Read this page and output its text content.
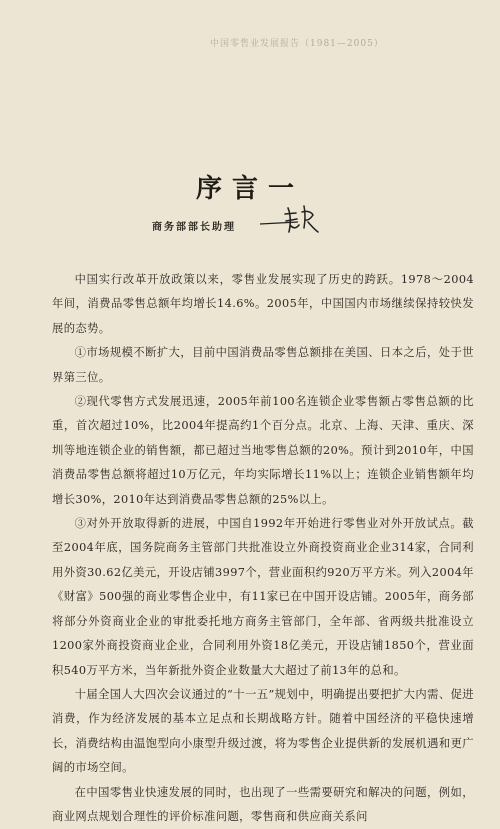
中国零售业发展报告（1981—2005）
序言一
商务部部长助理

中国实行改革开放政策以来，零售业发展实现了历史的跨跃。1978～2004年间，消费品零售总额年均增长14.6%。2005年，中国国内市场继续保持较快发展的态势。

①市场规模不断扩大，目前中国消费品零售总额排在美国、日本之后，处于世界第三位。

②现代零售方式发展迅速，2005年前100名连锁企业零售额占零售总额的比重，首次超过10%，比2004年提高约1个百分点。北京、上海、天津、重庆、深圳等地连锁企业的销售额，都已超过当地零售总额的20%。预计到2010年，中国消费品零售总额将超过10万亿元，年均实际增长11%以上；连锁企业销售额年均增长30%，2010年达到消费品零售总额的25%以上。

③对外开放取得新的进展，中国自1992年开始进行零售业对外开放试点。截至2004年底，国务院商务主管部门共批准设立外商投资商业企业314家，合同利用外资30.62亿美元，开设店铺3997个，营业面积约920万平方米。列入2004年《财富》500强的商业零售企业中，有11家已在中国开设店铺。2005年，商务部将部分外资商业企业的审批委托地方商务主管部门，全年部、省两级共批准设立1200家外商投资商业企业，合同利用外资18亿美元，开设店铺1850个，营业面积540万平方米，当年新批外资企业数量大大超过了前13年的总和。

十届全国人大四次会议通过的“十一五”规划中，明确提出要把扩大内需、促进消费，作为经济发展的基本立足点和长期战略方针。随着中国经济的平稳快速增长，消费结构由温饱型向小康型升级过渡，将为零售企业提供新的发展机遇和更广阔的市场空间。

在中国零售业快速发展的同时，也出现了一些需要研究和解决的问题，例如，商业网点规划合理性的评价标准问题，零售商和供应商关系问
